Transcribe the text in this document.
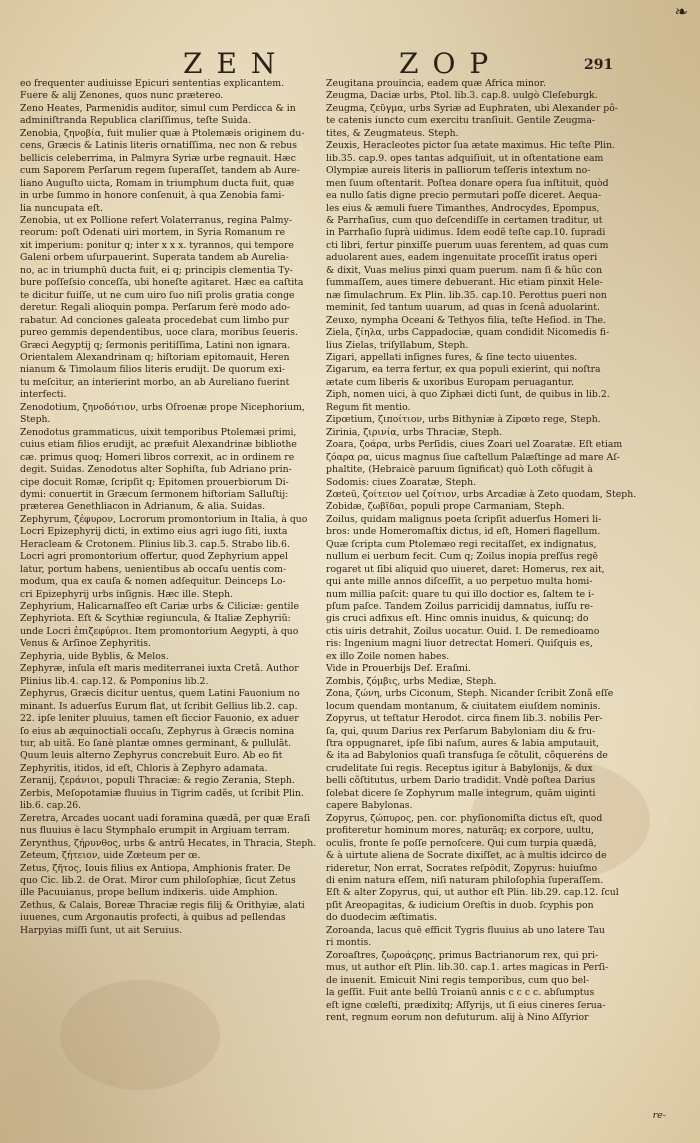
❧
ZEN	ZOP	291

eo frequenter audiuisse Epicuri sententias explicantem.

Fuere & alij Zenones, quos nunc prætereo.

Zeno Heates, Parmenidis auditor, simul cum Perdicca & in

adminiſtranda Republica clariſſimus, teſte Suida.

Zenobia, ζηνοβία, fuit mulier quæ à Ptolemæis originem du-

cens, Græcis & Latinis literis ornatiſſima, nec non & rebus

bellicis celeberrima, in Palmyra Syriæ urbe regnauit. Hæc

cum Saporem Perſarum regem ſuperaſſet, tandem ab Aure-

liano Auguſto uicta, Romam in triumphum ducta fuit, quæ

in urbe ſummo in honore conſenuit, à qua Zenobia fami-

lia nuncupata eſt.

Zenobia, ut ex Pollione refert Volaterranus, regina Palmy-

reorum: poſt Odenati uiri mortem, in Syria Romanum re

xit imperium: ponitur q; inter x x x. tyrannos, qui tempore

Galeni orbem uſurpauerint. Superata tandem ab Aurelia-

no, ac in triumphū ducta fuit, ei q; principis clementia Ty-

bure poſſeſsio conceſſa, ubi honeſte agitaret. Hæc ea caſtita

te dicitur fuiſſe, ut ne cum uiro ſuo niſi prolis gratia conge

deretur. Regali alioquin pompa. Perſarum ferè modo ado-

rabatur. Ad conciones galeata procedebat cum limbo pur

pureo gemmis dependentibus, uoce clara, moribus ſeueris.

Græci Aegyptij q; ſermonis peritiſſima, Latini non ignara.

Orientalem Alexandrinam q; hiſtoriam epitomauit, Heren

nianum & Timolaum filios literis erudijt. De quorum exi-

tu meſcitur, an interierint morbo, an ab Aureliano fuerint

interfecti.

Zenodotium, ζηνοδότιον, urbs Oſroenæ prope Nicephorium,

Steph.

Zenodotus grammaticus, uixit temporibus Ptolemæi primi,

cuius etiam filios erudijt, ac præfuit Alexandrinæ bibliothe

cæ. primus quoq; Homeri libros correxit, ac in ordinem re

degit. Suidas. Zenodotus alter Sophiſta, ſub Adriano prin-

cipe docuit Romæ, ſcripſit q; Epitomen prouerbiorum Di-

dymi: conuertit in Græcum ſermonem hiſtoriam Salluſtij:

præterea Genethliacon in Adrianum, & alia. Suidas.

Zephyrum, ζέφυρον, Locrorum promontorium in Italia, à quo

Locri Epizephyrij dicti, in extimo eius agri iugo ſiti, iuxta

Heracleam & Crotonem. Plinius lib.3. cap.5. Strabo lib.6.

Locri agri promontorium offertur, quod Zephyrium appel

latur, portum habens, uenientibus ab occaſu uentis com-

modum, qua ex cauſa & nomen adſequitur. Deinceps Lo-

cri Epizephyrij urbs inſignis. Hæc ille. Steph.

Zephyrium, Halicarnaſſeo eſt Cariæ urbs & Ciliciæ: gentile

Zephyriota. Eſt & Scythiæ regiuncula, & Italiæ Zephyriũ:

unde Locri ἐπιζεφύριοι. Item promontorium Aegypti, à quo

Venus & Arſinoe Zephyritis.

Zephyria, uide Byblis, & Melos.

Zephyræ, inſula eſt maris mediterranei iuxta Cretã. Author

Plinius lib.4. cap.12. & Pomponius lib.2.

Zephyrus, Græcis dicitur uentus, quem Latini Fauonium no

minant. Is aduerſus Eurum flat, ut ſcribit Gellius lib.2. cap.

22. ipſe leniter pluuius, tamen eſt ſiccior Fauonio, ex aduer

ſo eius ab æquinoctiali occaſu, Zephyrus à Græcis nomina

tur, ab uitã. Eo ſanè plantæ omnes germinant, & pullulãt.

Quum leuis alterno Zephyrus concrebuit Euro. Ab eo fit

Zephyritis, itidos, id eſt, Chloris à Zephyro adamata.

Zeranij, ζεράνιοι, populi Thraciæ: & regio Zerania, Steph.

Zerbis, Meſopotamiæ fluuius in Tigrim cadẽs, ut ſcribit Plin.

lib.6. cap.26.

Zeretra, Arcades uocant uadi foramina quædã, per quæ Eraſi

nus fluuius è lacu Stymphalo erumpit in Argiuam terram.

Zerynthus, ζήρυνθος, urbs & antrũ Hecates, in Thracia, Steph.

Zeteum, ζήτειον, uide Zœteum per œ.

Zetus, ζῆτος, Iouis filius ex Antiopa, Amphionis frater. De

quo Cic. lib.2. de Orat. Miror cum philoſophiæ, ſicut Zetus

ille Pacuuianus, prope bellum indixeris. uide Amphion.

Zethus, & Calais, Boreæ Thraciæ regis filij & Orithyiæ, alati

iuuenes, cum Argonautis profecti, à quibus ad pellendas

Harpyias miſſi ſunt, ut ait Seruius.

Zeugitana prouincia, eadem quæ Africa minor.

Zeugma, Daciæ urbs, Ptol. lib.3. cap.8. uulgò Cleſeburgk.

Zeugma, ζεῦγμα, urbs Syriæ ad Euphraten, ubi Alexander pô-

te catenis iuncto cum exercitu tranſiuit. Gentile Zeugma-

tites, & Zeugmateus. Steph.

Zeuxis, Heracleotes pictor ſua ætate maximus. Hic teſte Plin.

lib.35. cap.9. opes tantas adquiſiuit, ut in oſtentatione eam

Olympiæ aureis literis in palliorum teſſeris intextum no-

men ſuum oſtentarit. Poſtea donare opera ſua inſtituit, quòd

ea nullo ſatis digne precio permutari poſſe diceret. Aequa-

les eius & æmuli fuere Timanthes, Androcydes, Epompus,

& Parrhaſius, cum quo deſcendiſſe in certamen traditur, ut

in Parrhaſio ſuprà uidimus. Idem eodẽ teſte cap.10. ſupradi

cti libri, fertur pinxiſſe puerum uuas ferentem, ad quas cum

aduolarent aues, eadem ingenuitate proceſſit iratus operi

& dixit, Vuas melius pinxi quam puerum. nam ſi & hũc con

ſummaſſem, aues timere debuerant. Hic etiam pinxit Hele-

næ ſimulachrum. Ex Plin. lib.35. cap.10. Perottus pueri non

meminit, ſed tantum uuarum, ad quas in ſcenâ aduolarint.

Zeuxo, nympha Oceani & Tethyos filia, teſte Heſiod. in The.

Ziela, ζίηλα, urbs Cappadociæ, quam condidit Nicomedis fi-

lius Zielas, triſyllabum, Steph.

Zigari, appellati inſignes fures, & ſine tecto uiuentes.

Zigarum, ea terra fertur, ex qua populi exierint, qui noſtra

ætate cum liberis & uxoribus Europam peruagantur.

Ziph, nomen uici, à quo Ziphæi dicti ſunt, de quibus in lib.2.

Regum fit mentio.

Zipœtium, ζιποίτιον, urbs Bithyniæ à Zipœto rege, Steph.

Zirinia, ζιρινία, urbs Thraciæ, Steph.

Zoara, ζοάρα, urbs Perſidis, ciues Zoari uel Zoaratæ. Eſt etiam

ζόαρα ρα, uicus magnus ſiue caſtellum Palæſtinge ad mare Aſ-

phaltite, (Hebraicè paruum ſignificat) quò Loth cõfugit à

Sodomis: ciues Zoaratæ, Steph.

Zœteū, ζοίτειον uel ζοίτιον, urbs Arcadiæ à Zeto quodam, Steph.

Zobidæ, ζωβῖδαι, populi prope Carmaniam, Steph.

Zoilus, quidam malignus poeta ſcripſit aduerſus Homeri li-

bros: unde Homeromaſtix dictus, id eſt, Homeri flagellum.

Quæ ſcripta cum Ptolemæo regi recitaſſet, ex indignatus,

nullum ei uerbum fecit. Cum q; Zoilus inopia preſſus regē

rogaret ut ſibi aliquid quo uiueret, daret: Homerus, rex ait,

qui ante mille annos diſceſſit, a uo perpetuo multa homi-

num millia paſcit: quare tu qui illo doctior es, ſaltem te i-

pſum paſce. Tandem Zoilus parricidij damnatus, iuſſu re-

gis cruci adfixus eſt. Hinc omnis inuidus, & quicunq; do

ctis uiris detrahit, Zoilus uocatur. Ouid. I. De remedioamo

ris: Ingenium magni liuor detrectat Homeri. Quiſquis es,

ex illo Zoile nomen habes.

Vide in Prouerbijs Deſ. Eraſmi.

Zombis, ζόμβις, urbs Mediæ, Steph.

Zona, ζώνη, urbs Ciconum, Steph. Nicander ſcribit Zonã eſſe

locum quendam montanum, & ciuitatem eiuſdem nominis.

Zopyrus, ut teſtatur Herodot. circa finem lib.3. nobilis Per-

ſa, qui, quum Darius rex Perſarum Babyloniam diu & fru-

ſtra oppugnaret, ipſe ſibi naſum, aures & labia amputauit,

& ita ad Babylonios quaſi transfuga ſe cõtulit, cõqueréns de

crudelitate ſui regis. Receptus igitur à Babylonijs, & dux

belli cõſtitutus, urbem Dario tradidit. Vndè poſtea Darius

ſolebat dicere ſe Zophyrum malle integrum, quām uiginti

capere Babylonas.

Zopyrus, ζώπυρος, pen. cor. phyſionomiſta dictus eſt, quod

profiteretur hominum mores, naturāq; ex corpore, uultu,

oculis, fronte ſe poſſe pernoſcere. Qui cum turpia quædā,

& à uirtute aliena de Socrate dixiſſet, ac à multis idcirco de

rideretur, Non errat, Socrates reſpōdit, Zopyrus: huiuſmo

di enim natura eſſem, niſi naturam philoſophia ſuperaſſem.

Eſt & alter Zopyrus, qui, ut author eſt Plin. lib.29. cap.12. ſcul

pſit Areopagitas, & iudicium Oreſtis in duob. ſcyphis pon

do duodecim æſtimatis.

Zoroanda, lacus quē efficit Tygris fluuius ab uno latere Tau

ri montis.

Zoroaſtres, ζωροάςρης, primus Bactrianorum rex, qui pri-

mus, ut author eſt Plin. lib.30. cap.1. artes magicas in Perſi-

de inuenit. Emicuit Nini regis temporibus, cum quo bel-

la geſſit. Fuit ante bellū Troianū annis c c c c. abſumptus

eſt igne cœleſti, prædixitq; Aſſyrijs, ut ſi eius cineres ſerua-

rent, regnum eorum non defuturum. alij à Nino Aſſyrior

re-
